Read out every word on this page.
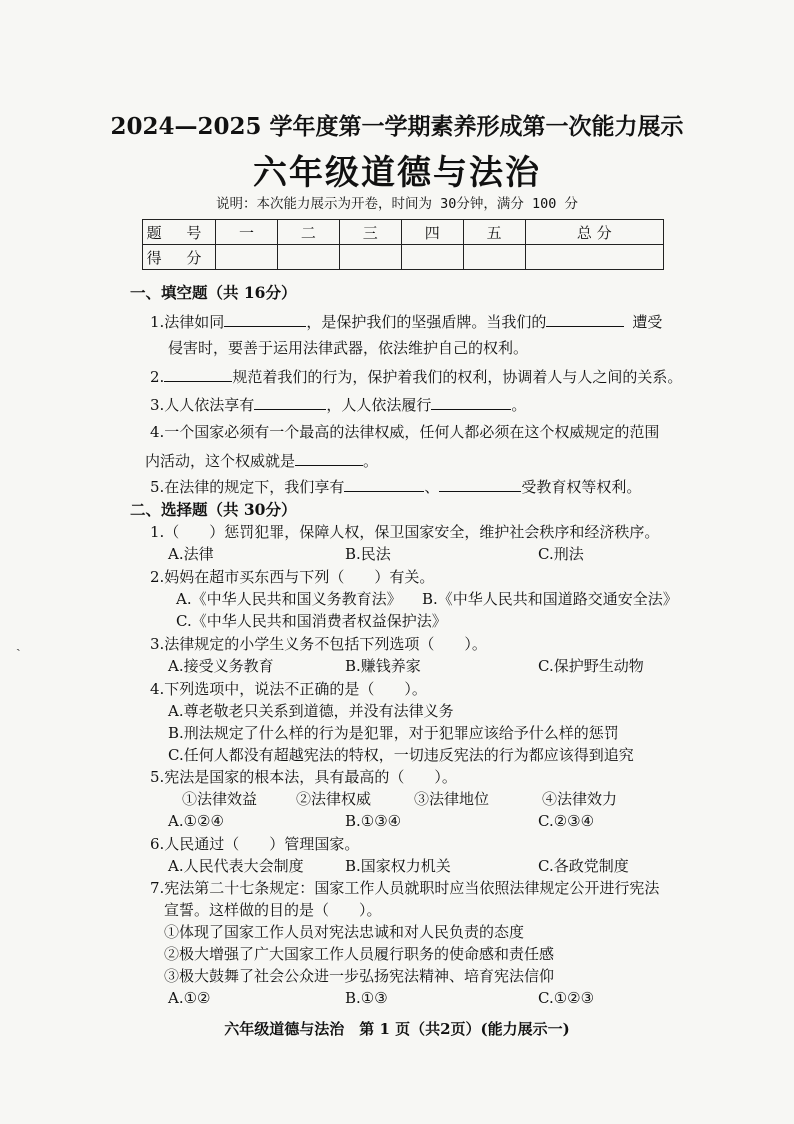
2024—2025 学年度第一学期素养形成第一次能力展示
六年级道德与法治
说明：本次能力展示为开卷，时间为 30分钟，满分 100 分
题 号	一	二	三	四	五	总 分
得 分						
一、填空题（共 16分）
1.法律如同	，是保护我们的坚强盾牌。当我们的	遭受
侵害时，要善于运用法律武器，依法维护自己的权利。
2.	规范着我们的行为，保护着我们的权利，协调着人与人之间的关系。
3.人人依法享有	，人人依法履行	。
4.一个国家必须有一个最高的法律权威，任何人都必须在这个权威规定的范围
内活动，这个权威就是	。
5.在法律的规定下，我们享有	、	受教育权等权利。
二、选择题（共 30分）
1.（　　）惩罚犯罪，保障人权，保卫国家安全，维护社会秩序和经济秩序。
A.法律	B.民法	C.刑法
2.妈妈在超市买东西与下列（　　）有关。
A.《中华人民共和国义务教育法》 B.《中华人民共和国道路交通安全法》
C.《中华人民共和国消费者权益保护法》
3.法律规定的小学生义务不包括下列选项（　　）。
A.接受义务教育	B.赚钱养家	C.保护野生动物
4.下列选项中，说法不正确的是（　　）。
A.尊老敬老只关系到道德，并没有法律义务
B.刑法规定了什么样的行为是犯罪，对于犯罪应该给予什么样的惩罚
C.任何人都没有超越宪法的特权，一切违反宪法的行为都应该得到追究
5.宪法是国家的根本法，具有最高的（　　）。
①法律效益	②法律权威	③法律地位	④法律效力
A.①②④	B.①③④	C.②③④
6.人民通过（　　）管理国家。
A.人民代表大会制度	B.国家权力机关	C.各政党制度
7.宪法第二十七条规定：国家工作人员就职时应当依照法律规定公开进行宪法
宣誓。这样做的目的是（　　）。
①体现了国家工作人员对宪法忠诚和对人民负责的态度
②极大增强了广大国家工作人员履行职务的使命感和责任感
③极大鼓舞了社会公众进一步弘扬宪法精神、培育宪法信仰
A.①②	B.①③	C.①②③
六年级道德与法治　第 1 页（共2页）(能力展示一)
ˎ
